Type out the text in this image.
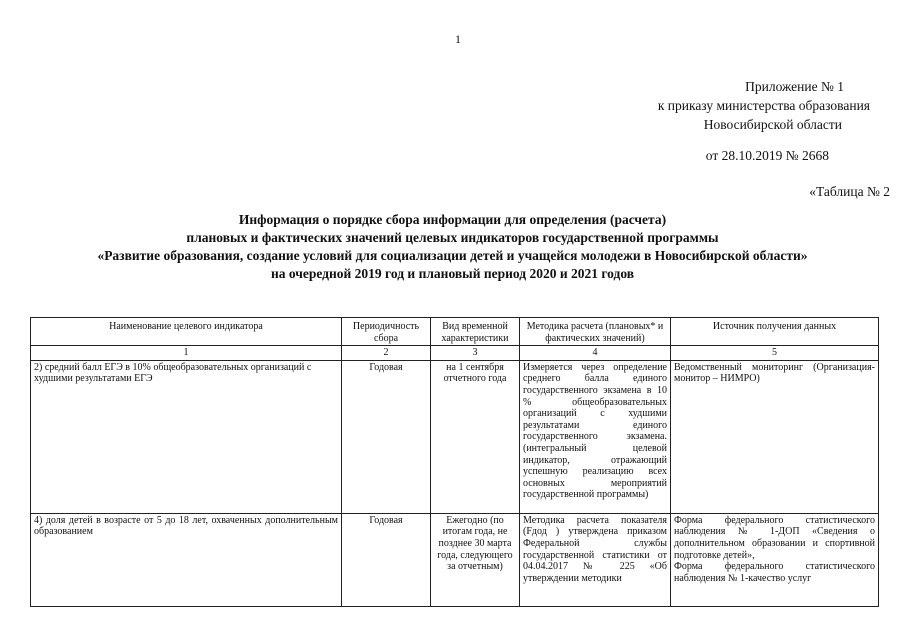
1
Приложение № 1
к приказу министерства образования
Новосибирской области
от 28.10.2019 № 2668
«Таблица № 2
Информация о порядке сбора информации для определения (расчета)
плановых и фактических значений целевых индикаторов государственной программы
«Развитие образования, создание условий для социализации детей и учащейся молодежи в Новосибирской области»
на очередной 2019 год и плановый период 2020 и 2021 годов
Наименование целевого индикатора	Периодичность сбора	Вид временной характеристики	Методика расчета (плановых* и фактических значений)	Источник получения данных
1	2	3	4	5
2) средний балл ЕГЭ в 10% общеобразовательных организаций с худшими результатами ЕГЭ	Годовая	на 1 сентября отчетного года	Измеряется через определение среднего балла единого государственного экзамена в 10 % общеобразовательных организаций с худшими результатами единого государственного экзамена. (интегральный целевой индикатор, отражающий успешную реализацию всех основных мероприятий государственной программы)	Ведомственный мониторинг (Организация-монитор – НИМРО)
4) доля детей в возрасте от 5 до 18 лет, охваченных дополнительным образованием	Годовая	Ежегодно (по итогам года, не позднее 30 марта года, следующего за отчетным)	Методика расчета показателя (Fдод ) утверждена приказом Федеральной службы государственной статистики от 04.04.2017 № 225 «Об утверждении методики	Форма федерального статистического наблюдения № 1-ДОП «Сведения о дополнительном образовании и спортивной подготовке детей»,
Форма федерального статистического наблюдения № 1-качество услуг
